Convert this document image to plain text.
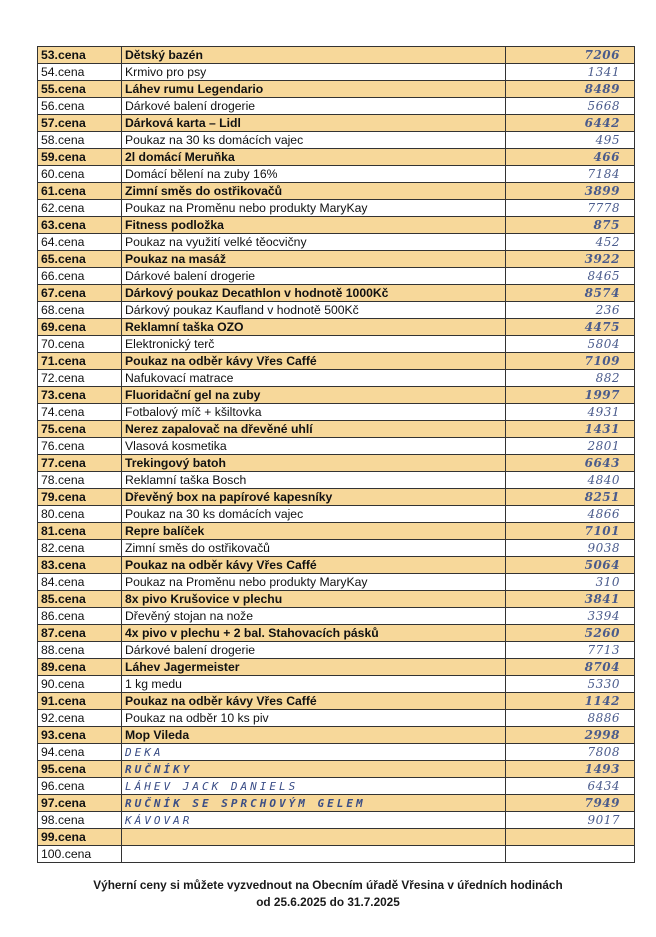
53.cena	Dětský bazén	7206
54.cena	Krmivo pro psy	1341
55.cena	Láhev rumu Legendario	8489
56.cena	Dárkové balení drogerie	5668
57.cena	Dárková karta – Lidl	6442
58.cena	Poukaz na 30 ks domácích vajec	495
59.cena	2l domácí Meruňka	466
60.cena	Domácí bělení na zuby 16%	7184
61.cena	Zimní směs do ostřikovačů	3899
62.cena	Poukaz na Proměnu nebo produkty MaryKay	7778
63.cena	Fitness podložka	875
64.cena	Poukaz na využití velké těocvičny	452
65.cena	Poukaz na masáž	3922
66.cena	Dárkové balení drogerie	8465
67.cena	Dárkový poukaz Decathlon v hodnotě 1000Kč	8574
68.cena	Dárkový poukaz Kaufland v hodnotě 500Kč	236
69.cena	Reklamní taška OZO	4475
70.cena	Elektronický terč	5804
71.cena	Poukaz na odběr kávy Vřes Caffé	7109
72.cena	Nafukovací matrace	882
73.cena	Fluoridační gel na zuby	1997
74.cena	Fotbalový míč + kšiltovka	4931
75.cena	Nerez zapalovač na dřevěné uhlí	1431
76.cena	Vlasová kosmetika	2801
77.cena	Trekingový batoh	6643
78.cena	Reklamní taška Bosch	4840
79.cena	Dřevěný box na papírové kapesníky	8251
80.cena	Poukaz na 30 ks domácích vajec	4866
81.cena	Repre balíček	7101
82.cena	Zimní směs do ostřikovačů	9038
83.cena	Poukaz na odběr kávy Vřes Caffé	5064
84.cena	Poukaz na Proměnu nebo produkty MaryKay	310
85.cena	8x pivo Krušovice v plechu	3841
86.cena	Dřevěný stojan na nože	3394
87.cena	4x pivo v plechu + 2 bal. Stahovacích pásků	5260
88.cena	Dárkové balení drogerie	7713
89.cena	Láhev Jagermeister	8704
90.cena	1 kg medu	5330
91.cena	Poukaz na odběr kávy Vřes Caffé	1142
92.cena	Poukaz na odběr 10 ks piv	8886
93.cena	Mop Vileda	2998
94.cena	DEKA	7808
95.cena	RUČNÍKY	1493
96.cena	LÁHEV JACK DANIELS	6434
97.cena	RUČNÍK SE SPRCHOVÝM GELEM	7949
98.cena	KÁVOVAR	9017
99.cena		
100.cena		
Výherní ceny si můžete vyzvednout na Obecním úřadě Vřesina v úředních hodinách
od 25.6.2025 do 31.7.2025
